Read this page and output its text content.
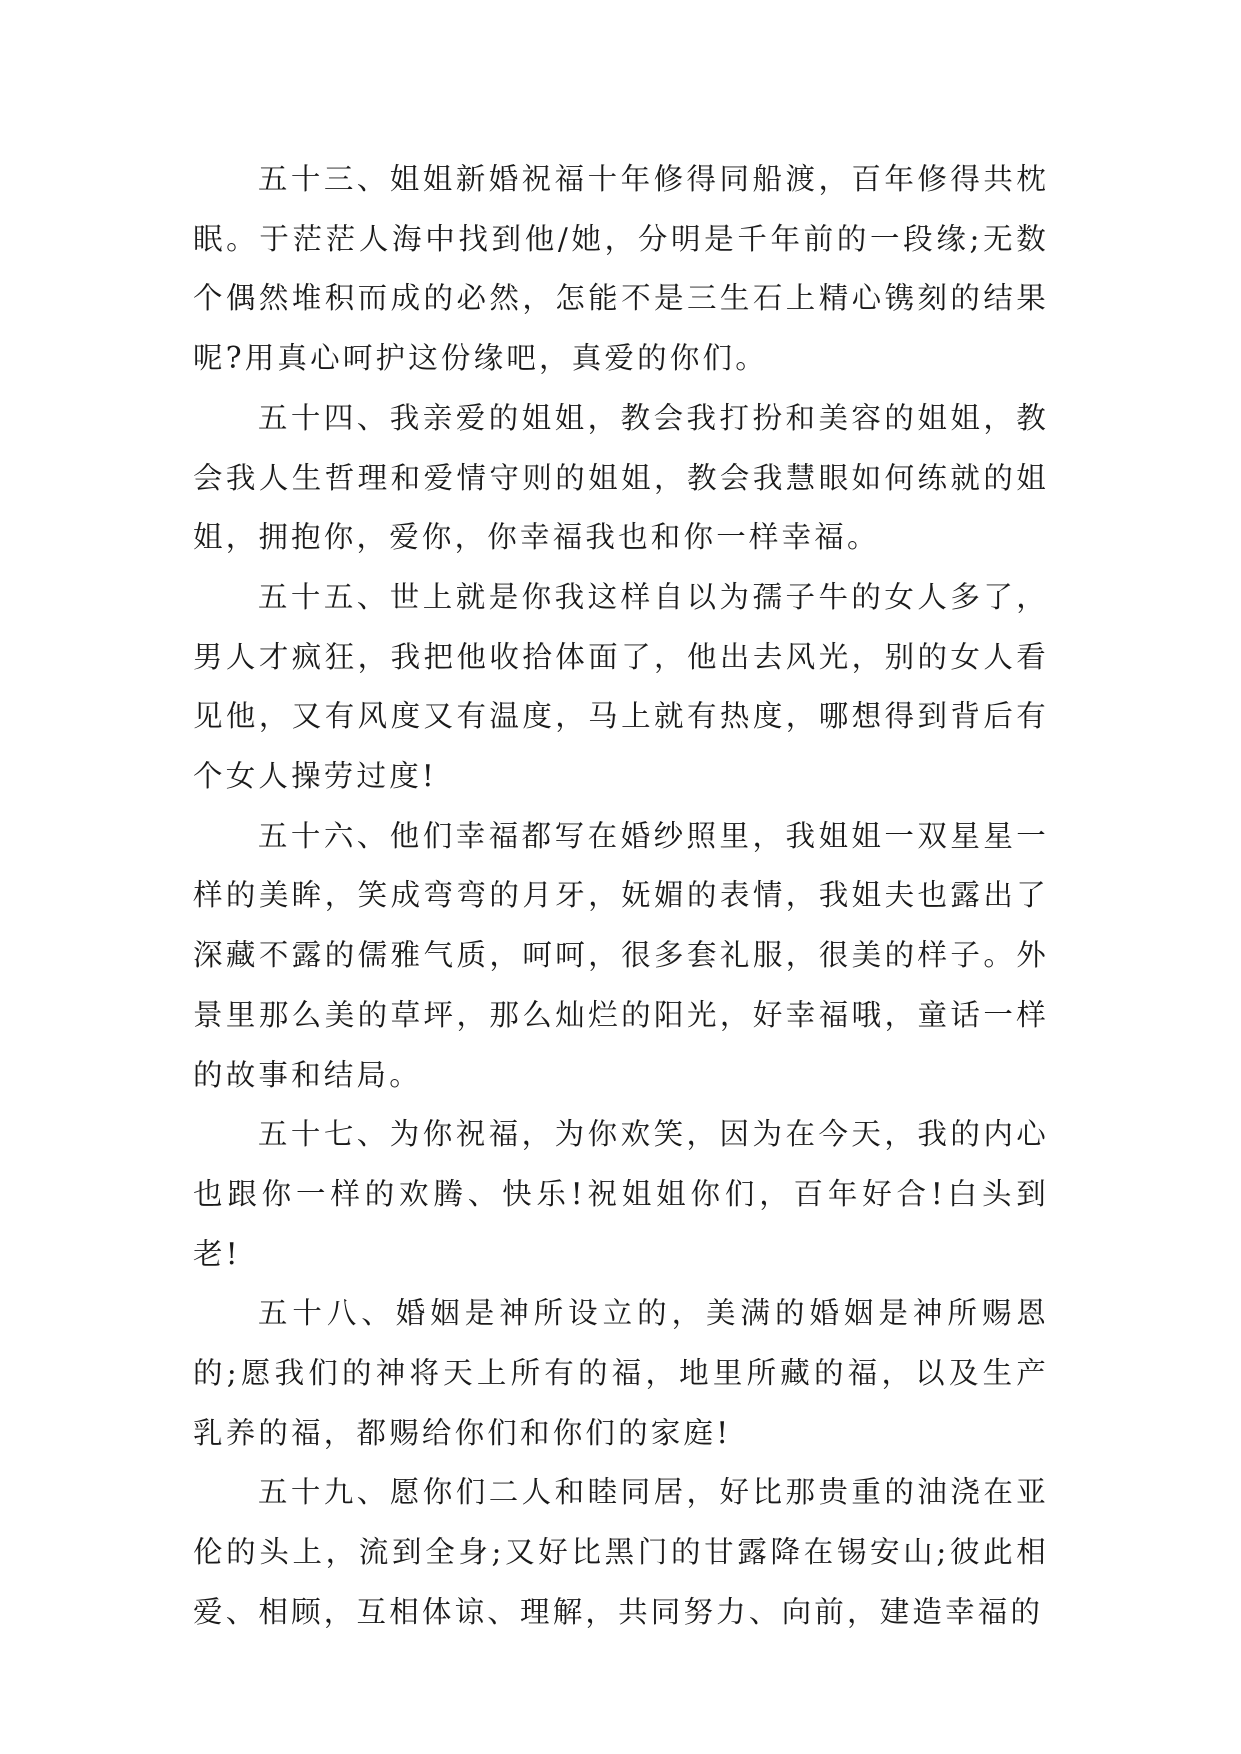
五十三、姐姐新婚祝福十年修得同船渡，百年修得共枕眠。于茫茫人海中找到他/她，分明是千年前的一段缘;无数个偶然堆积而成的必然，怎能不是三生石上精心镌刻的结果呢?用真心呵护这份缘吧，真爱的你们。

五十四、我亲爱的姐姐，教会我打扮和美容的姐姐，教会我人生哲理和爱情守则的姐姐，教会我慧眼如何练就的姐姐，拥抱你，爱你，你幸福我也和你一样幸福。

五十五、世上就是你我这样自以为孺子牛的女人多了，男人才疯狂，我把他收拾体面了，他出去风光，别的女人看见他，又有风度又有温度，马上就有热度，哪想得到背后有个女人操劳过度!

五十六、他们幸福都写在婚纱照里，我姐姐一双星星一样的美眸，笑成弯弯的月牙，妩媚的表情，我姐夫也露出了深藏不露的儒雅气质，呵呵，很多套礼服，很美的样子。外景里那么美的草坪，那么灿烂的阳光，好幸福哦，童话一样的故事和结局。

五十七、为你祝福，为你欢笑，因为在今天，我的内心也跟你一样的欢腾、快乐!祝姐姐你们，百年好合!白头到老!

五十八、婚姻是神所设立的，美满的婚姻是神所赐恩的;愿我们的神将天上所有的福，地里所藏的福，以及生产乳养的福，都赐给你们和你们的家庭!

五十九、愿你们二人和睦同居，好比那贵重的油浇在亚伦的头上，流到全身;又好比黑门的甘露降在锡安山;彼此相爱、相顾，互相体谅、理解，共同努力、向前，建造幸福的
